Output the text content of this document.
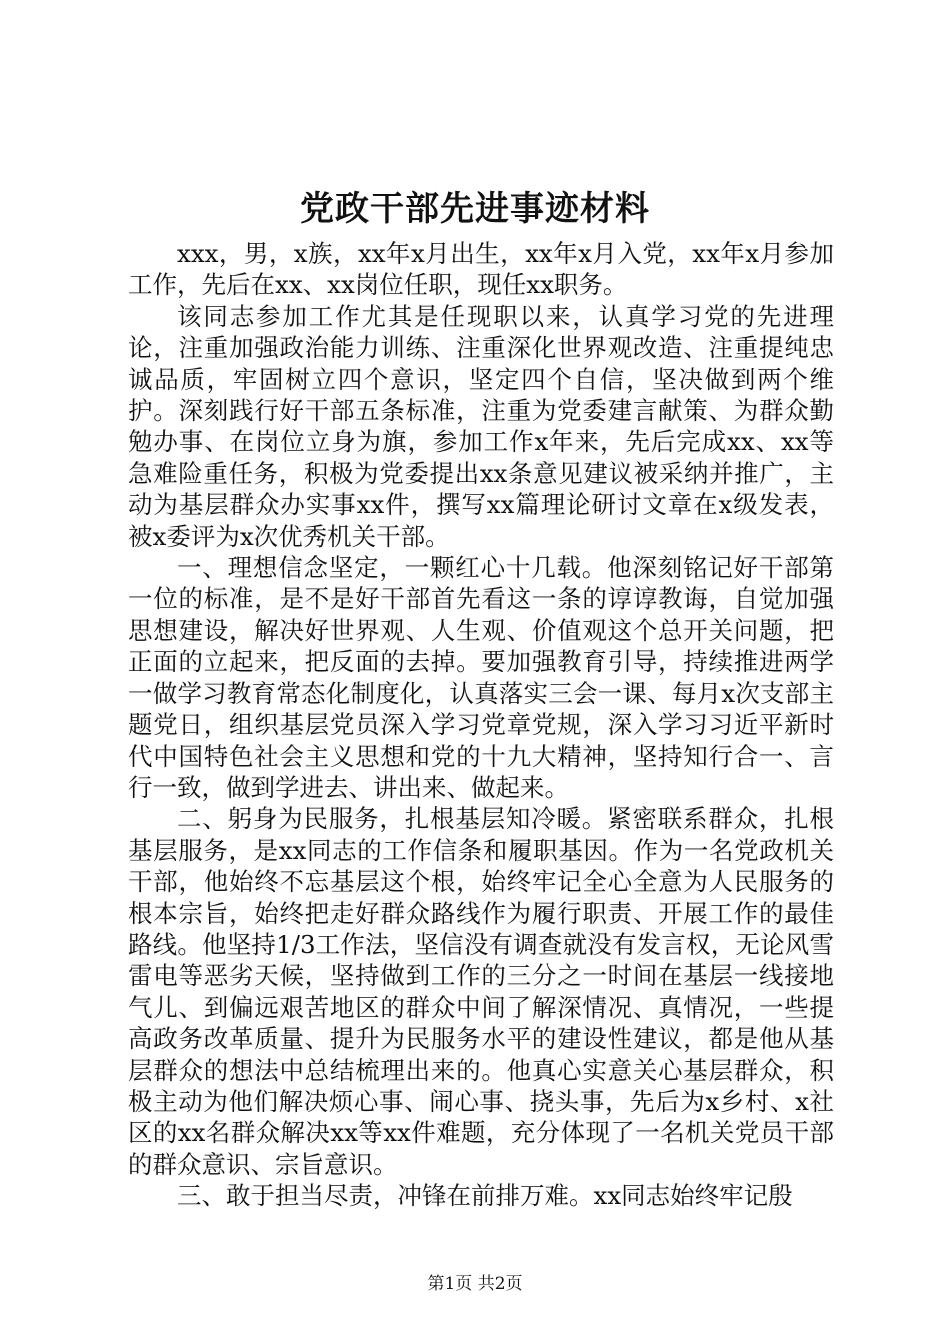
党政干部先进事迹材料

xxx，男，x族，xx年x月出生，xx年x月入党，xx年x月参加工作，先后在xx、xx岗位任职，现任xx职务。

该同志参加工作尤其是任现职以来，认真学习党的先进理论，注重加强政治能力训练、注重深化世界观改造、注重提纯忠诚品质，牢固树立四个意识，坚定四个自信，坚决做到两个维护。深刻践行好干部五条标准，注重为党委建言献策、为群众勤勉办事、在岗位立身为旗，参加工作x年来，先后完成xx、xx等急难险重任务，积极为党委提出xx条意见建议被采纳并推广，主动为基层群众办实事xx件，撰写xx篇理论研讨文章在x级发表，被x委评为x次优秀机关干部。

一、理想信念坚定，一颗红心十几载。他深刻铭记好干部第一位的标准，是不是好干部首先看这一条的谆谆教诲，自觉加强思想建设，解决好世界观、人生观、价值观这个总开关问题，把正面的立起来，把反面的去掉。要加强教育引导，持续推进两学一做学习教育常态化制度化，认真落实三会一课、每月x次支部主题党日，组织基层党员深入学习党章党规，深入学习习近平新时代中国特色社会主义思想和党的十九大精神，坚持知行合一、言行一致，做到学进去、讲出来、做起来。

二、躬身为民服务，扎根基层知冷暖。紧密联系群众，扎根基层服务，是xx同志的工作信条和履职基因。作为一名党政机关干部，他始终不忘基层这个根，始终牢记全心全意为人民服务的根本宗旨，始终把走好群众路线作为履行职责、开展工作的最佳路线。他坚持1/3工作法，坚信没有调查就没有发言权，无论风雪雷电等恶劣天候，坚持做到工作的三分之一时间在基层一线接地气儿、到偏远艰苦地区的群众中间了解深情况、真情况，一些提高政务改革质量、提升为民服务水平的建设性建议，都是他从基层群众的想法中总结梳理出来的。他真心实意关心基层群众，积极主动为他们解决烦心事、闹心事、挠头事，先后为x乡村、x社区的xx名群众解决xx等xx件难题，充分体现了一名机关党员干部的群众意识、宗旨意识。

三、敢于担当尽责，冲锋在前排万难。xx同志始终牢记殷

第1页 共2页
